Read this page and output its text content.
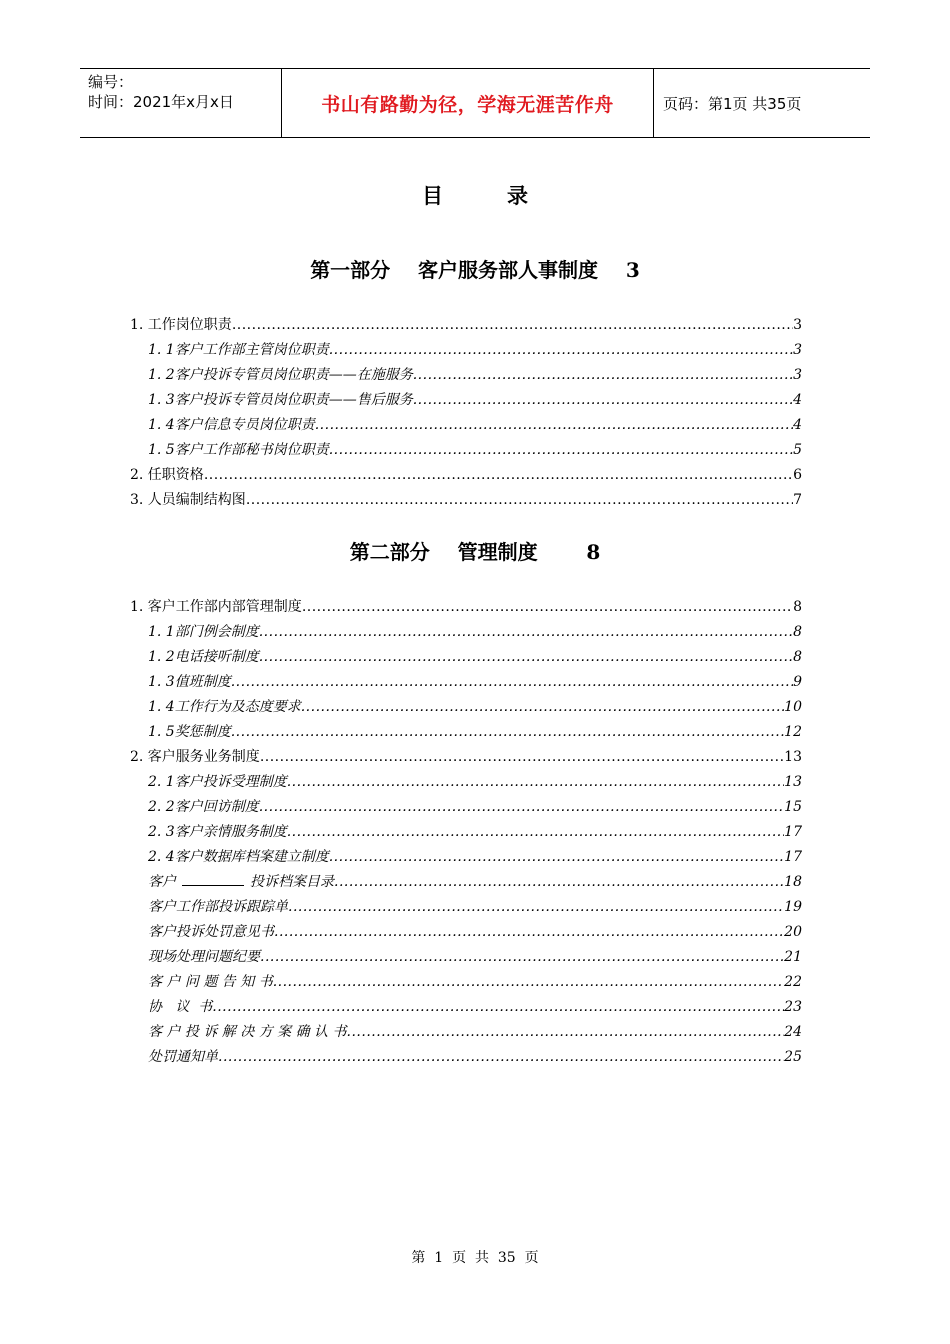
编号：
时间：2021年x月x日	书山有路勤为径，学海无涯苦作舟	页码：第1页 共35页
目录
第一部分    客户服务部人事制度    3
1. 工作岗位职责 .....	3
1. 1客户工作部主管岗位职责 .....	3
1. 2客户投诉专管员岗位职责——在施服务 .....	3
1. 3客户投诉专管员岗位职责——售后服务 .....	4
1. 4客户信息专员岗位职责 .....	4
1. 5客户工作部秘书岗位职责 .....	5
2. 任职资格 .....	6
3. 人员编制结构图 .....	7
第二部分    管理制度       8
1. 客户工作部内部管理制度 .....	8
1. 1部门例会制度 .....	8
1. 2电话接听制度 .....	8
1. 3值班制度 .....	9
1. 4工作行为及态度要求 .....	10
1. 5奖惩制度 .....	12
2. 客户服务业务制度 .....	13
2. 1客户投诉受理制度 .....	13
2. 2客户回访制度 .....	15
2. 3客户亲情服务制度 .....	17
2. 4客户数据库档案建立制度 .....	17
客户	投诉档案目录 .....	18
客户工作部投诉跟踪单 .....	19
客户投诉处罚意见书 .....	20
现场处理问题纪要 .....	21
客 户 问 题 告 知 书 .....	22
协   议  书 .....	23
客 户 投 诉 解 决 方 案 确 认 书 .....	24
处罚通知单 .....	25
第  1  页  共  35  页
